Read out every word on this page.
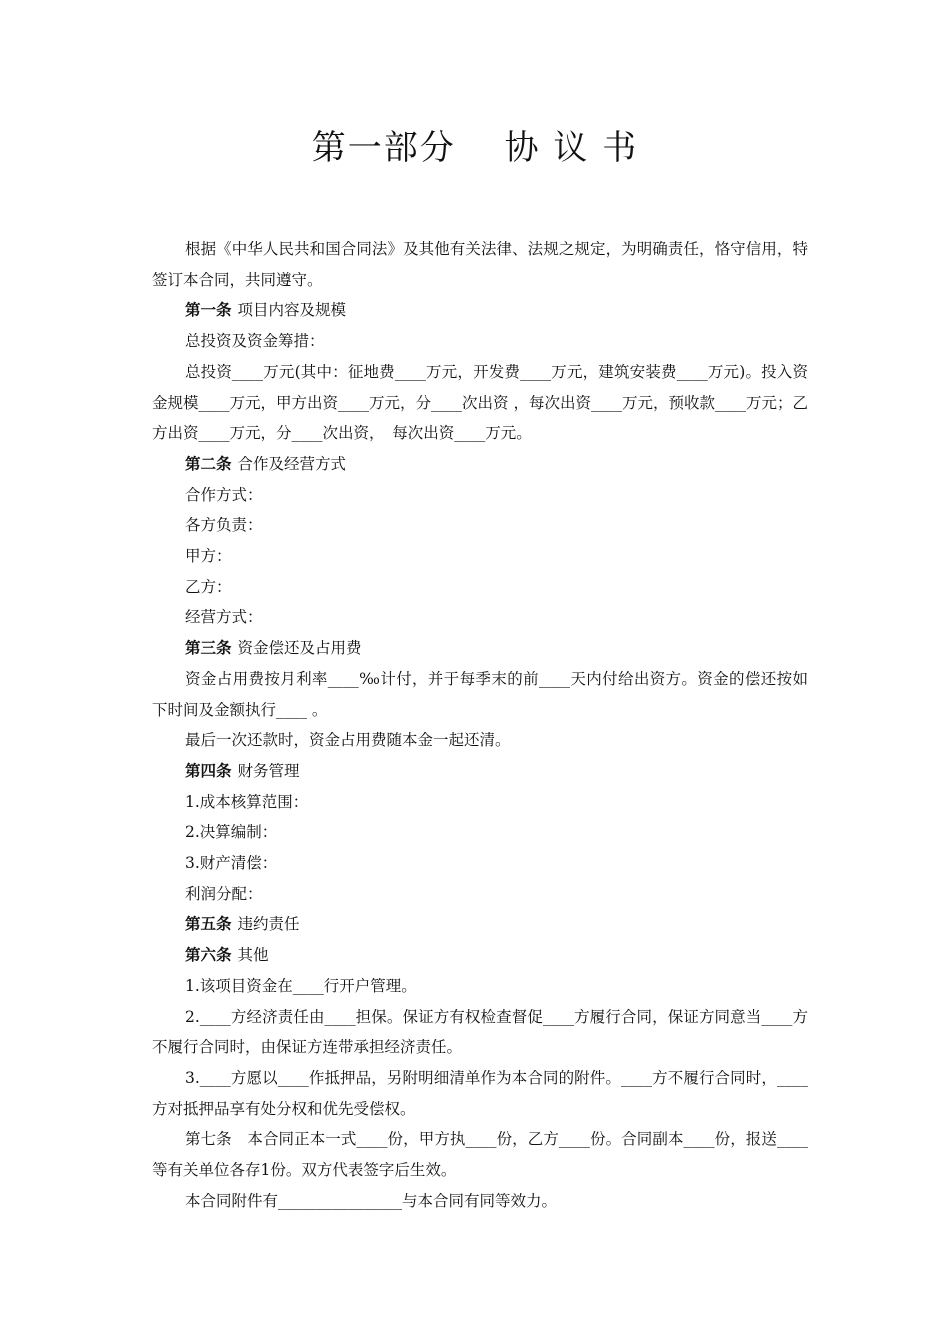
第一部分　 协 议 书

根据《中华人民共和国合同法》及其他有关法律、法规之规定，为明确责任，恪守信用，特签订本合同，共同遵守。

第一条 项目内容及规模

总投资及资金筹措：

总投资____万元(其中：征地费____万元，开发费____万元，建筑安装费____万元)。投入资金规模____万元，甲方出资____万元，分____次出资 ，每次出资____万元，预收款____万元；乙方出资____万元，分____次出资，　每次出资____万元。

第二条 合作及经营方式

合作方式：

各方负责：

甲方：

乙方：

经营方式：

第三条 资金偿还及占用费

资金占用费按月利率____‰计付，并于每季末的前____天内付给出资方。资金的偿还按如下时间及金额执行____ 。

最后一次还款时，资金占用费随本金一起还清。

第四条 财务管理

1.成本核算范围：

2.决算编制：

3.财产清偿：

利润分配：

第五条 违约责任

第六条 其他

1.该项目资金在____行开户管理。

2.____方经济责任由____担保。保证方有权检查督促____方履行合同，保证方同意当____方不履行合同时，由保证方连带承担经济责任。

3.____方愿以____作抵押品，另附明细清单作为本合同的附件。____方不履行合同时，____方对抵押品享有处分权和优先受偿权。

第七条　本合同正本一式____份，甲方执____份，乙方____份。合同副本____份，报送____等有关单位各存1份。双方代表签字后生效。

本合同附件有________________与本合同有同等效力。
